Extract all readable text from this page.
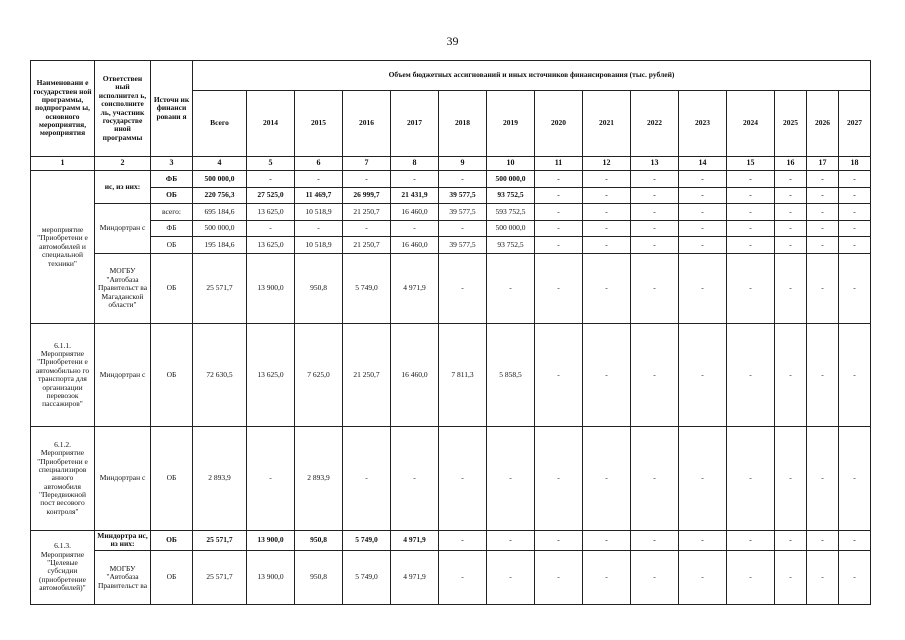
39
Наименовани е государствен ной программы, подпрограмм ы, основного мероприятия, мероприятия	Ответствен ный исполнител ь, соисполните ль, участник государстве нной программы	Источн ик финанси ровани я	Объем бюджетных ассигнований и иных источников финансирования (тыс. рублей)														
			Всего	2014	2015	2016	2017	2018	2019	2020	2021	2022	2023	2024	2025	2026	2027
1	2	3	4	5	6	7	8	9	10	11	12	13	14	15	16	17	18
мероприятие "Приобретени е автомобилей и специальной техники"	ис, из них:	ФБ	500 000,0	-	-	-	-	-	500 000,0	-	-	-	-	-	-	-	-
		ОБ	220 756,3	27 525,0	11 469,7	26 999,7	21 431,9	39 577,5	93 752,5	-	-	-	-	-	-	-	-
	Миндортран с	всего:	695 184,6	13 625,0	10 518,9	21 250,7	16 460,0	39 577,5	593 752,5	-	-	-	-	-	-	-	-
		ФБ	500 000,0	-	-	-	-	-	500 000,0	-	-	-	-	-	-	-	-
		ОБ	195 184,6	13 625,0	10 518,9	21 250,7	16 460,0	39 577,5	93 752,5	-	-	-	-	-	-	-	-
	МОГБУ "Автобаза Правительст ва Магаданской области"	ОБ	25 571,7	13 900,0	950,8	5 749,0	4 971,9	-	-	-	-	-	-	-	-	-	-
6.1.1. Мероприятие "Приобретени е автомобильно го транспорта для организации перевозок пассажиров"	Миндортран с	ОБ	72 630,5	13 625,0	7 625,0	21 250,7	16 460,0	7 811,3	5 858,5	-	-	-	-	-	-	-	-
6.1.2. Мероприятие "Приобретени е специализиров анного автомобиля "Передвижной пост весового контроля"	Миндортран с	ОБ	2 893,9	-	2 893,9	-	-	-	-	-	-	-	-	-	-	-	-
6.1.3. Мероприятие "Целевые субсидии (приобретение автомобилей)"	Миндортра нс, из них:	ОБ	25 571,7	13 900,0	950,8	5 749,0	4 971,9	-	-	-	-	-	-	-	-	-	-
	МОГБУ "Автобаза Правительст ва	ОБ	25 571,7	13 900,0	950,8	5 749,0	4 971,9	-	-	-	-	-	-	-	-	-	-
